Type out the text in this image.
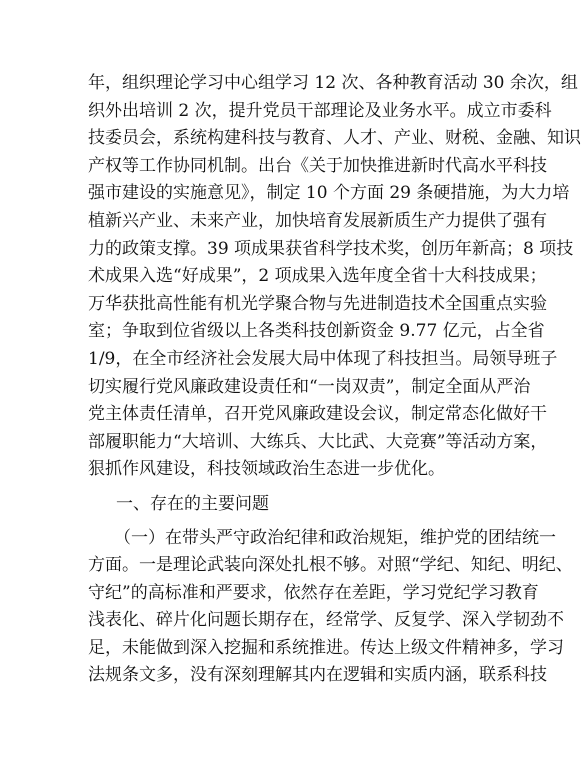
年，组织理论学习中心组学习 12 次、各种教育活动 30 余次，组
织外出培训 2 次，提升党员干部理论及业务水平。成立市委科
技委员会，系统构建科技与教育、人才、产业、财税、金融、知识
产权等工作协同机制。出台《关于加快推进新时代高水平科技
强市建设的实施意见》，制定 10 个方面 29 条硬措施，为大力培
植新兴产业、未来产业，加快培育发展新质生产力提供了强有
力的政策支撑。39 项成果获省科学技术奖，创历年新高；8 项技
术成果入选“好成果”，2 项成果入选年度全省十大科技成果；
万华获批高性能有机光学聚合物与先进制造技术全国重点实验
室；争取到位省级以上各类科技创新资金 9.77 亿元，占全省
1/9，在全市经济社会发展大局中体现了科技担当。局领导班子
切实履行党风廉政建设责任和“一岗双责”，制定全面从严治
党主体责任清单，召开党风廉政建设会议，制定常态化做好干
部履职能力“大培训、大练兵、大比武、大竞赛”等活动方案，
狠抓作风建设，科技领域政治生态进一步优化。
一、存在的主要问题
（一）在带头严守政治纪律和政治规矩，维护党的团结统一
方面。一是理论武装向深处扎根不够。对照“学纪、知纪、明纪、
守纪”的高标准和严要求，依然存在差距，学习党纪学习教育
浅表化、碎片化问题长期存在，经常学、反复学、深入学韧劲不
足，未能做到深入挖掘和系统推进。传达上级文件精神多，学习
法规条文多，没有深刻理解其内在逻辑和实质内涵，联系科技
